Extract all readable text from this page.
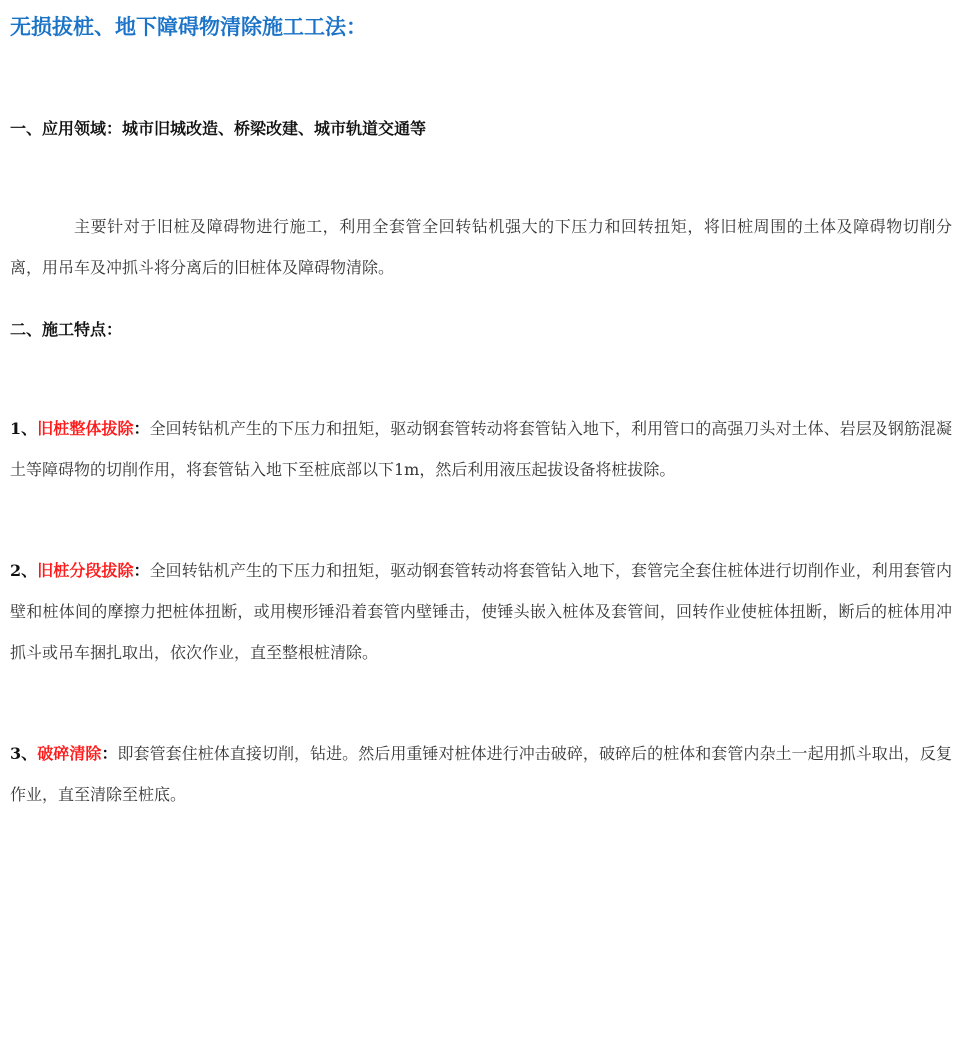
无损拔桩、地下障碍物清除施工工法：
一、应用领域：城市旧城改造、桥梁改建、城市轨道交通等

主要针对于旧桩及障碍物进行施工，利用全套管全回转钻机强大的下压力和回转扭矩，将旧桩周围的土体及障碍物切削分离，用吊车及冲抓斗将分离后的旧桩体及障碍物清除。

二、施工特点：

1、旧桩整体拔除：全回转钻机产生的下压力和扭矩，驱动钢套管转动将套管钻入地下，利用管口的高强刀头对土体、岩层及钢筋混凝土等障碍物的切削作用，将套管钻入地下至桩底部以下1m，然后利用液压起拔设备将桩拔除。

2、旧桩分段拔除：全回转钻机产生的下压力和扭矩，驱动钢套管转动将套管钻入地下，套管完全套住桩体进行切削作业，利用套管内壁和桩体间的摩擦力把桩体扭断，或用楔形锤沿着套管内壁锤击，使锤头嵌入桩体及套管间，回转作业使桩体扭断，断后的桩体用冲抓斗或吊车捆扎取出，依次作业，直至整根桩清除。

3、破碎清除：即套管套住桩体直接切削，钻进。然后用重锤对桩体进行冲击破碎，破碎后的桩体和套管内杂土一起用抓斗取出，反复作业，直至清除至桩底。
